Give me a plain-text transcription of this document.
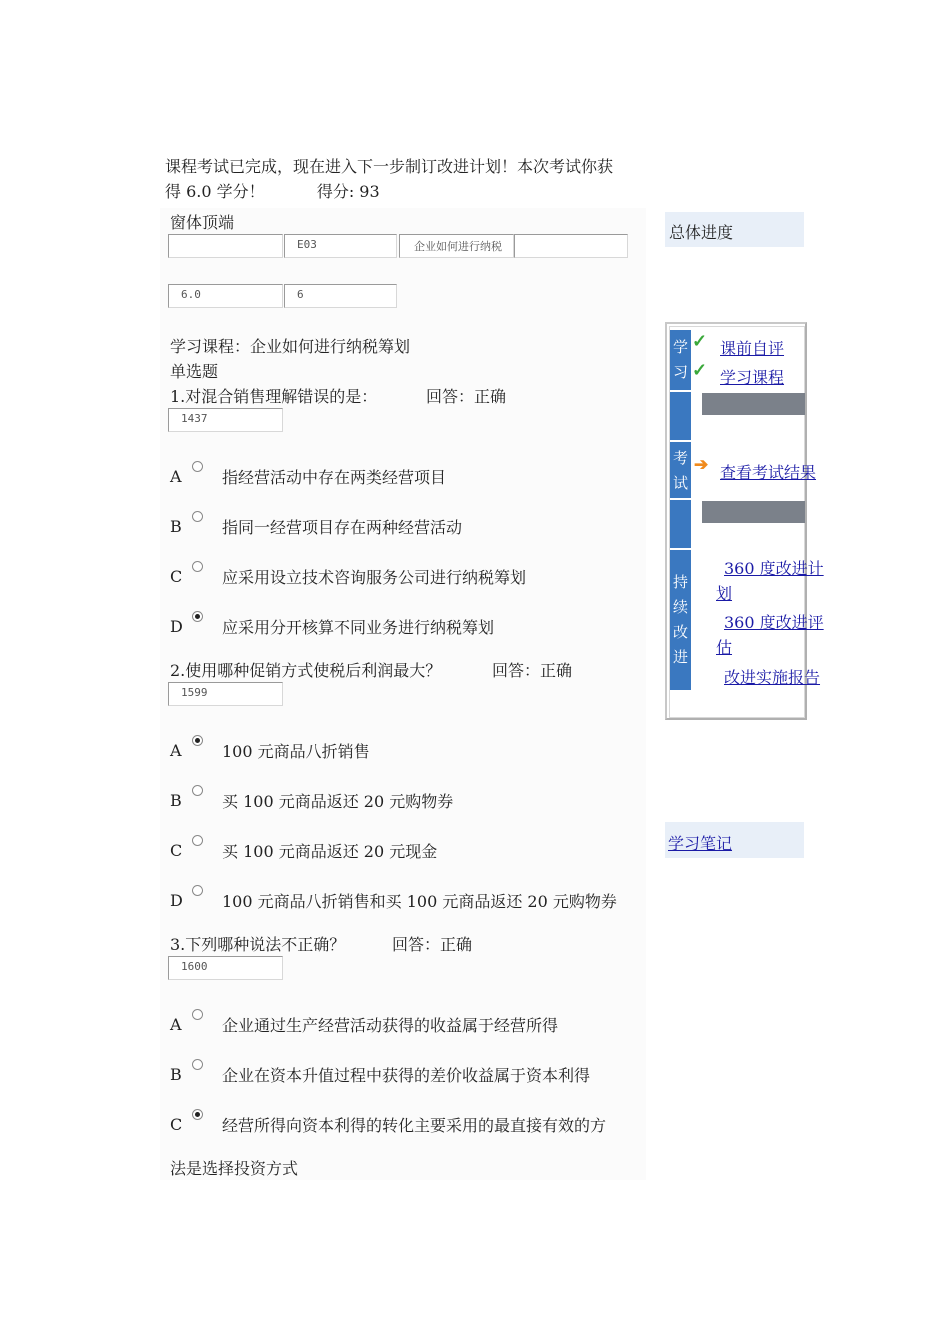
课程考试已完成，现在进入下一步制订改进计划！本次考试你获
得 6.0 学分！	得分: 93
窗体顶端
E03	企业如何进行纳税
6.0	6
学习课程：企业如何进行纳税筹划
单选题
1.对混合销售理解错误的是：	回答：正确
1437
A	指经营活动中存在两类经营项目
B	指同一经营项目存在两种经营活动
C 应采用设立技术咨询服务公司进行纳税筹划
D 应采用分开核算不同业务进行纳税筹划
2.使用哪种促销方式使税后利润最大？	回答：正确
1599
A	100 元商品八折销售
B	买 100 元商品返还 20 元购物券
C 买 100 元商品返还 20 元现金
D 100 元商品八折销售和买 100 元商品返还 20 元购物券
3.下列哪种说法不正确？	回答：正确
1600
A	企业通过生产经营活动获得的收益属于经营所得
B	企业在资本升值过程中获得的差价收益属于资本利得
C 经营所得向资本利得的转化主要采用的最直接有效的方
法是选择投资方式
总体进度
学习
✓ 课前自评
✓ 学习课程
考试
➔ 查看考试结果
持续改进
360 度改进计
划
360 度改进评
估
改进实施报告
学习笔记
